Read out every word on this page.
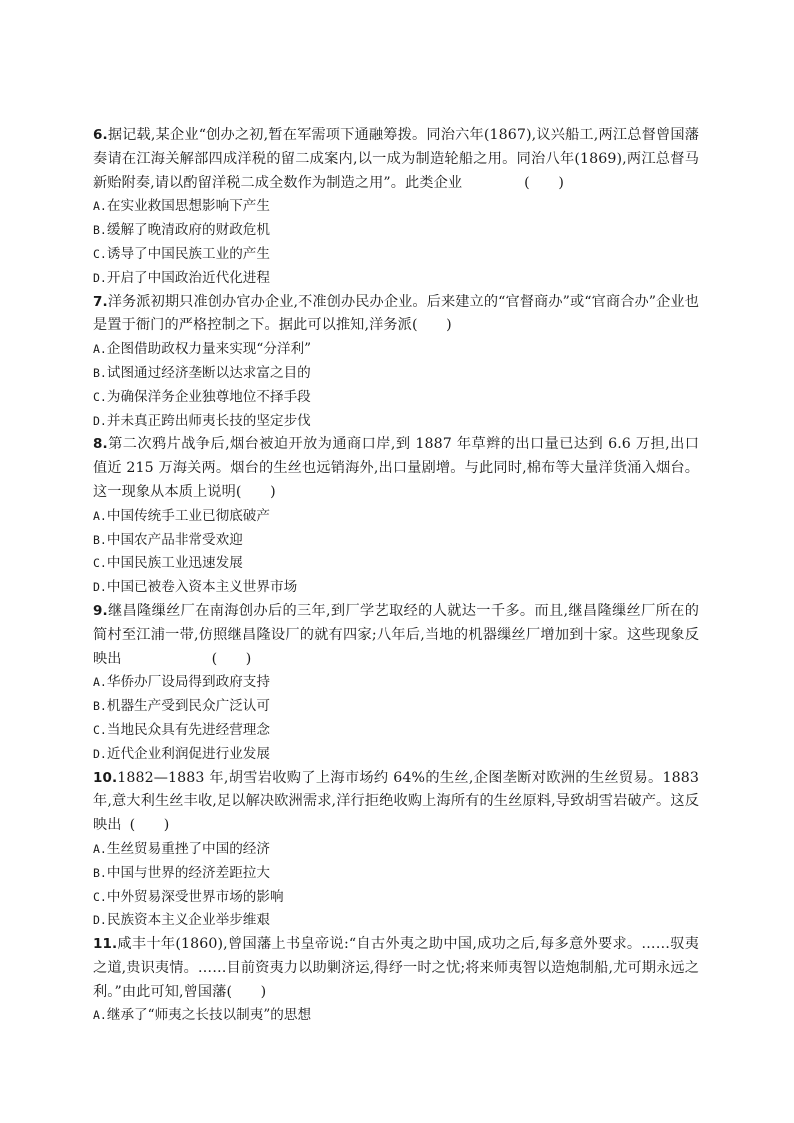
6.据记载,某企业“创办之初,暂在军需项下通融筹拨。同治六年(1867),议兴船工,两江总督曾国藩奏请在江海关解部四成洋税的留二成案内,以一成为制造轮船之用。同治八年(1869),两江总督马新贻附奏,请以酌留洋税二成全数作为制造之用”。此类企业	(　　)

A.在实业救国思想影响下产生

B.缓解了晚清政府的财政危机

C.诱导了中国民族工业的产生

D.开启了中国政治近代化进程

7.洋务派初期只准创办官办企业,不准创办民办企业。后来建立的“官督商办”或“官商合办”企业也是置于衙门的严格控制之下。据此可以推知,洋务派(　　)

A.企图借助政权力量来实现“分洋利”

B.试图通过经济垄断以达求富之目的

C.为确保洋务企业独尊地位不择手段

D.并未真正跨出师夷长技的坚定步伐

8.第二次鸦片战争后,烟台被迫开放为通商口岸,到 1887 年草辫的出口量已达到 6.6 万担,出口值近 215 万海关两。烟台的生丝也远销海外,出口量剧增。与此同时,棉布等大量洋货涌入烟台。这一现象从本质上说明(　　)

A.中国传统手工业已彻底破产

B.中国农产品非常受欢迎

C.中国民族工业迅速发展

D.中国已被卷入资本主义世界市场

9.继昌隆缫丝厂在南海创办后的三年,到厂学艺取经的人就达一千多。而且,继昌隆缫丝厂所在的简村至江浦一带,仿照继昌隆设厂的就有四家;八年后,当地的机器缫丝厂增加到十家。这些现象反映出	(　　)

A.华侨办厂设局得到政府支持

B.机器生产受到民众广泛认可

C.当地民众具有先进经营理念

D.近代企业利润促进行业发展

10.1882—1883 年,胡雪岩收购了上海市场约 64%的生丝,企图垄断对欧洲的生丝贸易。1883 年,意大利生丝丰收,足以解决欧洲需求,洋行拒绝收购上海所有的生丝原料,导致胡雪岩破产。这反映出 (　　)

A.生丝贸易重挫了中国的经济

B.中国与世界的经济差距拉大

C.中外贸易深受世界市场的影响

D.民族资本主义企业举步维艰

11.咸丰十年(1860),曾国藩上书皇帝说:“自古外夷之助中国,成功之后,每多意外要求。……驭夷之道,贵识夷情。……目前资夷力以助剿济运,得纾一时之忧;将来师夷智以造炮制船,尤可期永远之利。”由此可知,曾国藩(　　)

A.继承了“师夷之长技以制夷”的思想
